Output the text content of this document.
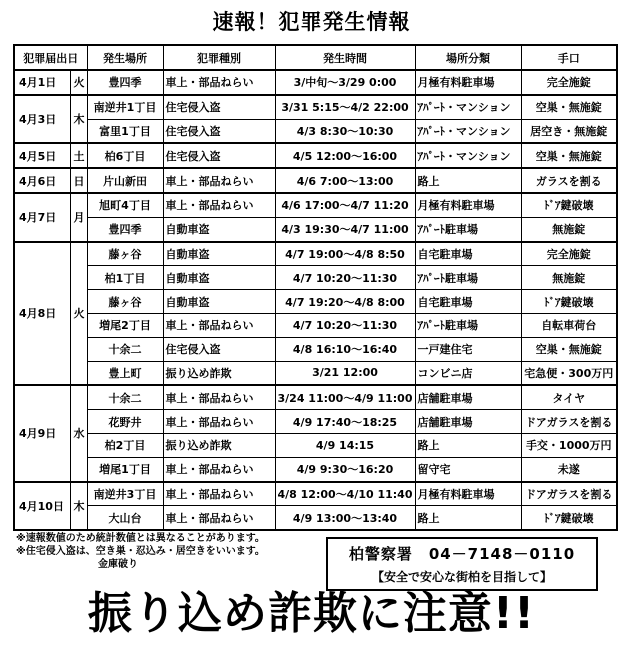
速報！犯罪発生情報
犯罪届出日		発生場所	犯罪種別	発生時間	場所分類	手口
4月1日	火	豊四季	車上・部品ねらい	3/中旬～3/29 0:00	月極有料駐車場	完全施錠
4月3日	木	南逆井1丁目	住宅侵入盗	3/31 5:15～4/2 22:00	ｱﾊﾟｰﾄ・マンション	空巣・無施錠
		富里1丁目	住宅侵入盗	4/3 8:30～10:30	ｱﾊﾟｰﾄ・マンション	居空き・無施錠
4月5日	土	柏6丁目	住宅侵入盗	4/5 12:00～16:00	ｱﾊﾟｰﾄ・マンション	空巣・無施錠
4月6日	日	片山新田	車上・部品ねらい	4/6 7:00～13:00	路上	ガラスを割る
4月7日	月	旭町4丁目	車上・部品ねらい	4/6 17:00～4/7 11:20	月極有料駐車場	ﾄﾞｱ鍵破壊
		豊四季	自動車盗	4/3 19:30～4/7 11:00	ｱﾊﾟｰﾄ駐車場	無施錠
4月8日	火	藤ヶ谷	自動車盗	4/7 19:00～4/8 8:50	自宅駐車場	完全施錠
		柏1丁目	自動車盗	4/7 10:20～11:30	ｱﾊﾟｰﾄ駐車場	無施錠
		藤ヶ谷	自動車盗	4/7 19:20～4/8 8:00	自宅駐車場	ﾄﾞｱ鍵破壊
		増尾2丁目	車上・部品ねらい	4/7 10:20～11:30	ｱﾊﾟｰﾄ駐車場	自転車荷台
		十余二	住宅侵入盗	4/8 16:10～16:40	一戸建住宅	空巣・無施錠
		豊上町	振り込め詐欺	3/21 12:00	コンビニ店	宅急便・300万円
4月9日	水	十余二	車上・部品ねらい	3/24 11:00～4/9 11:00	店舗駐車場	タイヤ
		花野井	車上・部品ねらい	4/9 17:40～18:25	店舗駐車場	ドアガラスを割る
		柏2丁目	振り込め詐欺	4/9 14:15	路上	手交・1000万円
		増尾1丁目	車上・部品ねらい	4/9 9:30～16:20	留守宅	未遂
4月10日	木	南逆井3丁目	車上・部品ねらい	4/8 12:00～4/10 11:40	月極有料駐車場	ドアガラスを割る
		大山台	車上・部品ねらい	4/9 13:00～13:40	路上	ﾄﾞｱ鍵破壊
※速報数値のため統計数値とは異なることがあります。
※住宅侵入盗は、空き巣・忍込み・居空きをいいます。
金庫破り
柏警察署　04－7148－0110
【安全で安心な街柏を目指して】
振り込め詐欺に注意!!
